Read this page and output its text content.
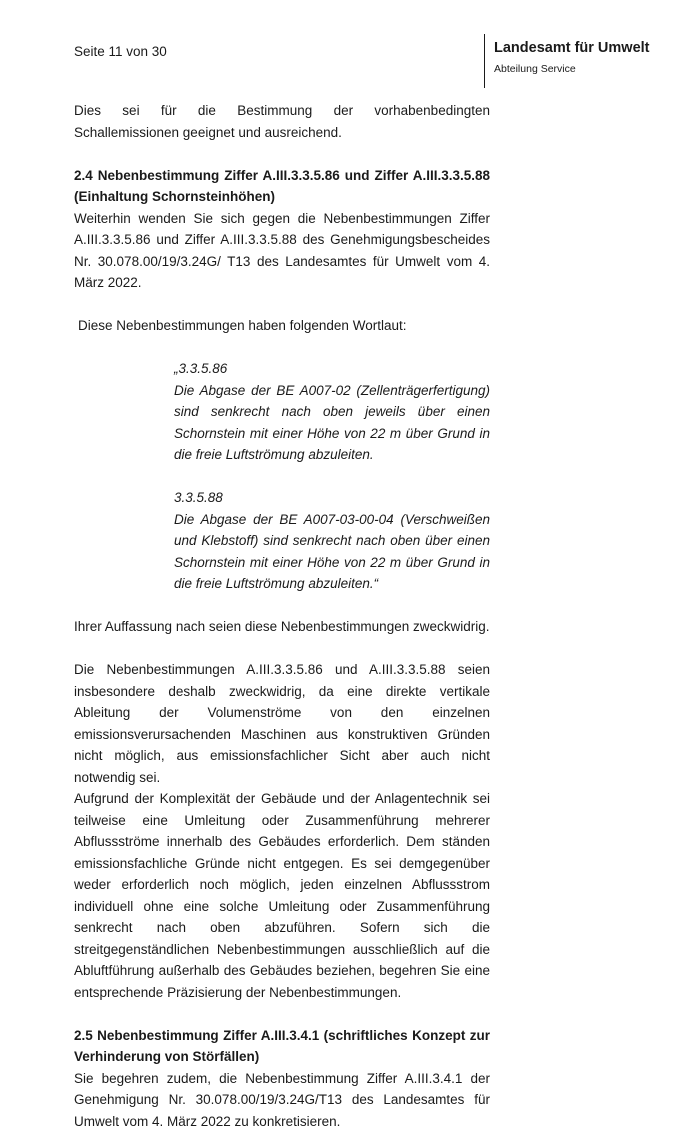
Seite 11 von 30	Landesamt für Umwelt
Abteilung Service

Dies sei für die Bestimmung der vorhabenbedingten Schallemissionen geeignet und ausreichend.

2.4 Nebenbestimmung Ziffer A.III.3.3.5.86 und Ziffer A.III.3.3.5.88 (Einhaltung Schornsteinhöhen)

Weiterhin wenden Sie sich gegen die Nebenbestimmungen Ziffer A.III.3.3.5.86 und Ziffer A.III.3.3.5.88 des Genehmigungsbescheides Nr. 30.078.00/19/3.24G/ T13 des Landesamtes für Umwelt vom 4. März 2022.

Diese Nebenbestimmungen haben folgenden Wortlaut:

„3.3.5.86

Die Abgase der BE A007-02 (Zellenträgerfertigung) sind senkrecht nach oben jeweils über einen Schornstein mit einer Höhe von 22 m über Grund in die freie Luftströmung abzuleiten.

3.3.5.88

Die Abgase der BE A007-03-00-04 (Verschweißen und Klebstoff) sind senkrecht nach oben über einen Schornstein mit einer Höhe von 22 m über Grund in die freie Luftströmung abzuleiten.“

Ihrer Auffassung nach seien diese Nebenbestimmungen zweckwidrig.

Die Nebenbestimmungen A.III.3.3.5.86 und A.III.3.3.5.88 seien insbesondere deshalb zweckwidrig, da eine direkte vertikale Ableitung der Volumenströme von den einzelnen emissionsverursachenden Maschinen aus konstruktiven Gründen nicht möglich, aus emissionsfachlicher Sicht aber auch nicht notwendig sei.

Aufgrund der Komplexität der Gebäude und der Anlagentechnik sei teilweise eine Umleitung oder Zusammenführung mehrerer Abflussströme innerhalb des Gebäudes erforderlich. Dem ständen emissionsfachliche Gründe nicht entgegen. Es sei demgegenüber weder erforderlich noch möglich, jeden einzelnen Abflussstrom individuell ohne eine solche Umleitung oder Zusammenführung senkrecht nach oben abzuführen. Sofern sich die streitgegenständlichen Nebenbestimmungen ausschließlich auf die Abluftführung außerhalb des Gebäudes beziehen, begehren Sie eine entsprechende Präzisierung der Nebenbestimmungen.

2.5 Nebenbestimmung Ziffer A.III.3.4.1 (schriftliches Konzept zur Verhinderung von Störfällen)

Sie begehren zudem, die Nebenbestimmung Ziffer A.III.3.4.1 der Genehmigung Nr. 30.078.00/19/3.24G/T13 des Landesamtes für Umwelt vom 4. März 2022 zu konkretisieren.
